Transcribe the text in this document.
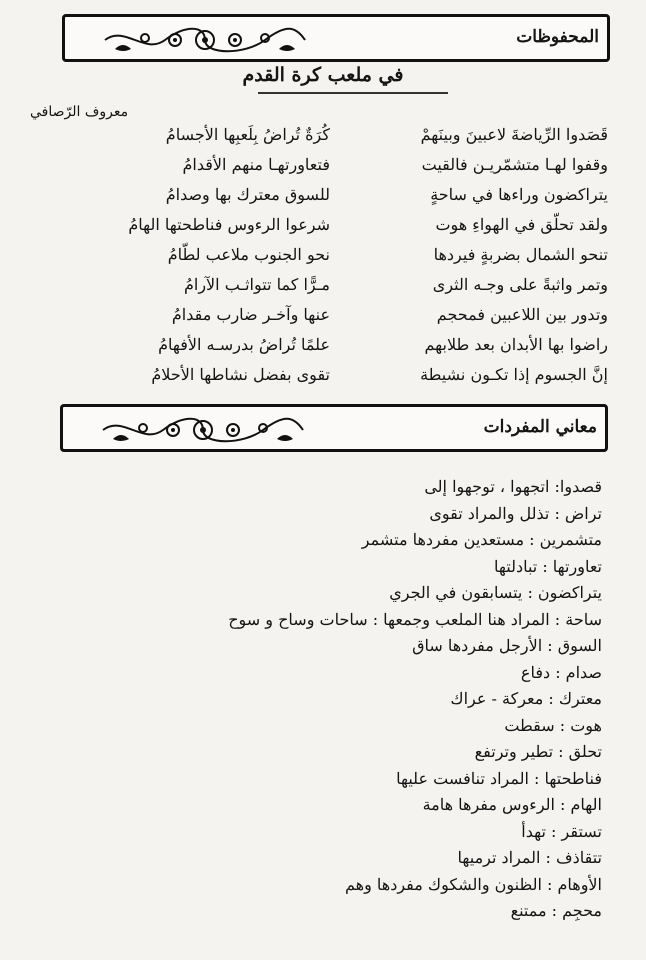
المحفوظات
في ملعب كرة القدم
معروف الرّصافي
قَصَدوا الرِّياضةَ لاعبينَ وبينَهمْ
وقفوا لهـا متشمّريـن فالقيت
يتراكضون وراءها في ساحةٍ
ولقد تحلّق في الهواءِ هوت
تنحو الشمال بضربةٍ فيردها
وتمر واثبةً على وجـه الثرى
وتدور بين اللاعبين فمحجم
راضوا بها الأبدان بعد طلابهم
إنَّ الجسوم إذا تكـون نشيطة
كُرَةٌ تُراضُ بِلَعبِها الأجسامُ
فتعاورتهـا منهم الأقدامُ
للسوق معترك بها وصدامُ
شرعوا الرءوس فناطحتها الهامُ
نحو الجنوب ملاعب لطّامُ
مـرًّا كما تتواثـب الآرامُ
عنها وآخـر ضارب مقدامُ
علمًا تُراضُ بدرسـه الأفهامُ
تقوى بفضل نشاطها الأحلامُ
معاني المفردات
قصدوا: اتجهوا ، توجهوا إلى
تراض : تذلل والمراد تقوى
متشمرين : مستعدين مفردها متشمر
تعاورتها : تبادلتها
يتراكضون : يتسابقون في الجري
ساحة : المراد هنا الملعب وجمعها : ساحات وساح و سوح
السوق : الأرجل مفردها ساق
صدام : دفاع
معترك : معركة - عراك
هوت : سقطت
تحلق : تطير وترتفع
فناطحتها : المراد تنافست عليها
الهام : الرءوس مفرها هامة
تستقر : تهدأ
تتقاذف : المراد ترميها
الأوهام : الظنون والشكوك مفردها وهم
محجِم : ممتنع
